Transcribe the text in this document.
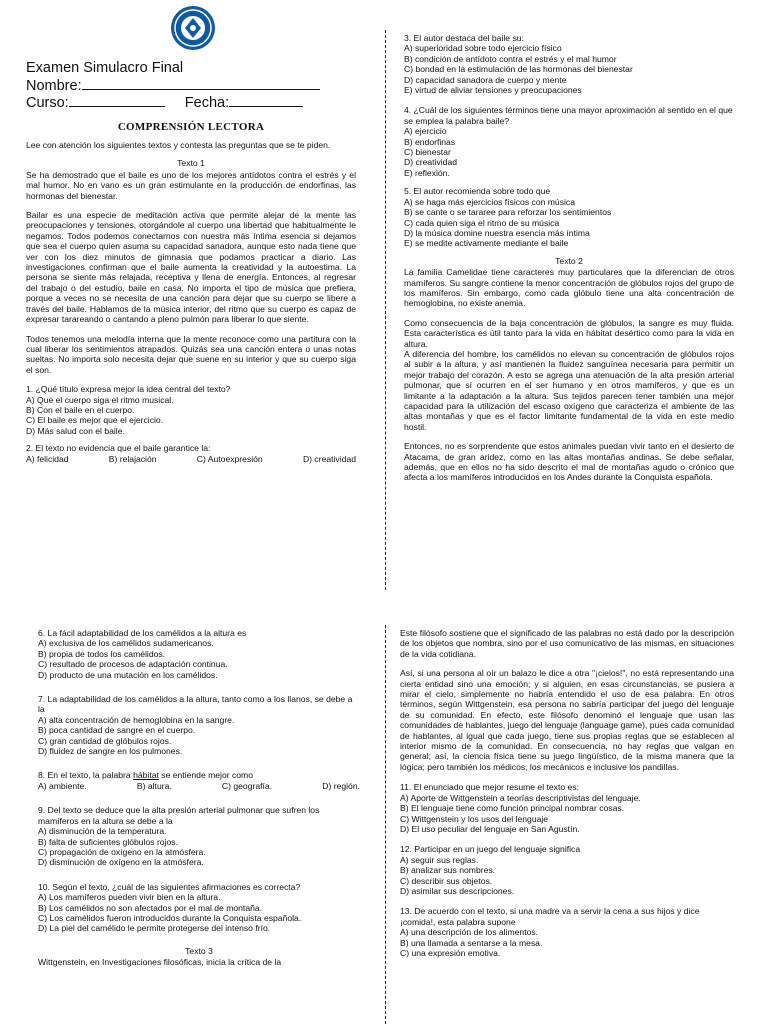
Examen Simulacro Final
Nombre:
Curso:	Fecha:
COMPRENSIÓN LECTORA

Lee con atención los siguientes textos y contesta las preguntas que se te piden.

Texto 1

Se ha demostrado que el baile es uno de los mejores antídotos contra el estrés y el mal humor. No en vano es un gran estimulante en la producción de endorfinas, las hormonas del bienestar.

Bailar es una especie de meditación activa que permite alejar de la mente las preocupaciones y tensiones, otorgándole al cuerpo una libertad que habitualmente le negamos. Todos podemos conectarnos con nuestra más íntima esencia si dejamos que sea el cuerpo quien asuma su capacidad sanadora, aunque esto nada tiene que ver con los diez minutos de gimnasia que podamos practicar a diario. Las investigaciones confirman que el baile aumenta la creatividad y la autoestima. La persona se siente más relajada, receptiva y llena de energía. Entonces, al regresar del trabajo o del estudio, baile en casa. No importa el tipo de música que prefiera, porque a veces no se necesita de una canción para dejar que su cuerpo se libere a través del baile. Hablamos de la música interior, del ritmo que su cuerpo es capaz de expresar tarareando o cantando a pleno pulmón para liberar lo que siente.

Todos tenemos una melodía interna que la mente reconoce como una partitura con la cual liberar los sentimientos atrapados. Quizás sea una canción entera o unas notas sueltas. No importa solo necesita dejar que suene en su interior y que su cuerpo siga el son.

1. ¿Qué título expresa mejor la idea central del texto?
A) Que el cuerpo siga el ritmo musical.
B) Con el baile en el cuerpo.
C) El baile es mejor que el ejercicio.
D) Más salud con el baile.
2. El texto no evidencia que el baile garantice la:
A) felicidad	B) relajación	C) Autoexpresión	D) creatividad
3. El autor destaca del baile su:
A) superioridad sobre todo ejercicio físico
B) condición de antídoto contra el estrés y el mal humor
C) bondad en la estimulación de las hormonas del bienestar
D) capacidad sanadora de cuerpo y mente
E) virtud de aliviar tensiones y preocupaciones
4. ¿Cuál de los siguientes términos tiene una mayor aproximación al sentido en el que se emplea la palabra baile?
A) ejercicio
B) endorfinas
C) bienestar
D) creatividad
E) reflexión.
5. El autor recomienda sobre todo que
A) se haga más ejercicios físicos con música
B) se cante o se tararee para reforzar los sentimientos
C) cada quien siga el ritmo de su música
D) la música domine nuestra esencia más íntima
E) se medite activamente mediante el baile
Texto 2

La familia Camelidae tiene caracteres muy particulares que la diferencian de otros mamíferos. Su sangre contiene la menor concentración de glóbulos rojos del grupo de los mamíferos. Sin embargo, como cada glóbulo tiene una alta concentración de hemoglobina, no existe anemia.

Como consecuencia de la baja concentración de glóbulos, la sangre es muy fluida. Esta característica es útil tanto para la vida en hábitat desértico como para la vida en altura.

A diferencia del hombre, los camélidos no elevan su concentración de glóbulos rojos al subir a la altura, y así mantienen la fluidez sanguínea necesaria para permitir un mejor trabajo del corazón. A esto se agrega una atenuación de la alta presión arterial pulmonar, que sí ocurren en el ser humano y en otros mamíferos, y que es un limitante a la adaptación a la altura. Sus tejidos parecen tener también una mejor capacidad para la utilización del escaso oxígeno que caracteriza el ambiente de las altas montañas y que es el factor limitante fundamental de la vida en este medio hostil.

Entonces, no es sorprendente que estos animales puedan vivir tanto en el desierto de Atacama, de gran aridez, como en las altas montañas andinas. Se debe señalar, además, que en ellos no ha sido descrito el mal de montañas agudo o crónico que afecta a los mamíferos introducidos en los Andes durante la Conquista española.

6. La fácil adaptabilidad de los camélidos a la altura es
A) exclusiva de los camélidos sudamericanos.
B) propia de todos los camélidos.
C) resultado de procesos de adaptación continua.
D) producto de una mutación en los camélidos.
7. La adaptabilidad de los camélidos a la altura, tanto como a los llanos, se debe a la
A) alta concentración de hemoglobina en la sangre.
B) poca cantidad de sangre en el cuerpo.
C) gran cantidad de glóbulos rojos.
D) fluidez de sangre en los pulmones.
8. En el texto, la palabra hábitat se entiende mejor como
A) ambiente.	B) altura.	C) geografía.	D) región.
9. Del texto se deduce que la alta presión arterial pulmonar que sufren los mamíferos en la altura se debe a la
A) disminución de la temperatura.
B) falta de suficientes glóbulos rojos.
C) propagación de oxígeno en la atmósfera.
D) disminución de oxígeno en la atmósfera.
10. Según el texto, ¿cuál de las siguientes afirmaciones es correcta?
A) Los mamíferos pueden vivir bien en la altura.
B) Los camélidos no son afectados por el mal de montaña.
C) Los camélidos fueron introducidos durante la Conquista española.
D) La piel del camélido le permite protegerse del intenso frío.
Texto 3
Wittgenstein, en Investigaciones filosóficas, inicia la crítica de la

Este filósofo sostiene que el significado de las palabras no está dado por la descripción de los objetos que nombra, sino por el uso comunicativo de las mismas, en situaciones de la vida cotidiana.

Así, si una persona al oír un balazo le dice a otra "¡cielos!", no está representando una cierta entidad sino una emoción; y si alguien, en esas circunstancias, se pusiera a mirar el cielo, simplemente no habría entendido el uso de esa palabra. En otros términos, según Wittgenstein, esa persona no sabría participar del juego del lenguaje de su comunidad. En efecto, este filósofo denominó el lenguaje que usan las comunidades de hablantes, juego del lenguaje (language game), pues cada comunidad de hablantes, al igual que cada juego, tiene sus propias reglas que se establecen al interior mismo de la comunidad. En consecuencia, no hay reglas que valgan en general; así, la ciencia física tiene su juego lingüístico, de la misma manera que la lógica; pero también los médicos, los mecánicos e inclusive los pandillas.

11. El enunciado que mejor resume el texto es:
A) Aporte de Wittgenstein a teorías descriptivistas del lenguaje.
B) El lenguaje tiene como función principal nombrar cosas.
C) Wittgenstein y los usos del lenguaje
D) El uso peculiar del lenguaje en San Agustín.
12. Participar en un juego del lenguaje significa
A) seguir sus reglas.
B) analizar sus nombres.
C) describir sus objetos.
D) asimilar sus descripciones.
13. De acuerdo con el texto, si una madre va a servir la cena a sus hijos y dice ¡comida!, esta palabra supone
A) una descripción de los alimentos.
B) una llamada a sentarse a la mesa.
C) una expresión emotiva.
